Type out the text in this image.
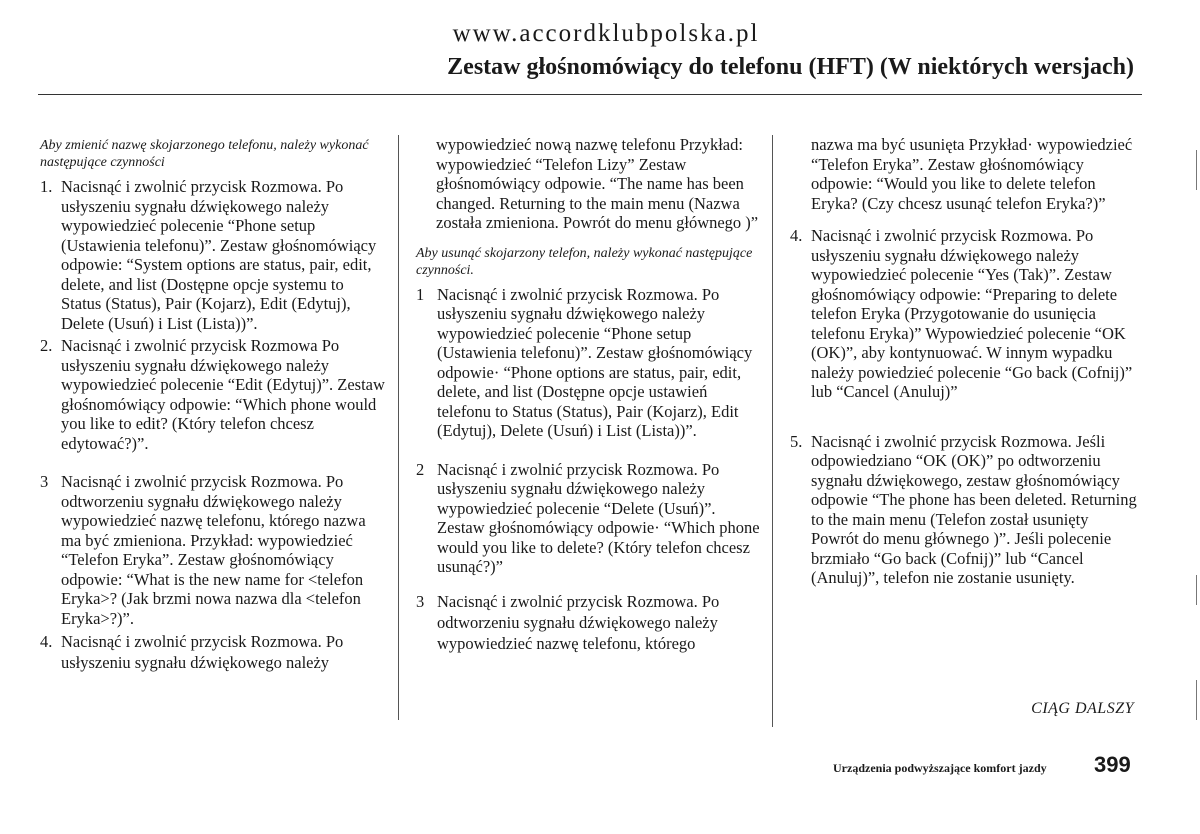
www.accordklubpolska.pl
Zestaw głośnomówiący do telefonu (HFT) (W niektórych wersjach)

Aby zmienić nazwę skojarzonego telefonu, należy wykonać następujące czynności

1. Nacisnąć i zwolnić przycisk Rozmowa. Po usłyszeniu sygnału dźwiękowego należy wypowiedzieć polecenie “Phone setup (Ustawienia telefonu)”. Zestaw głośnomówiący odpowie: “System options are status, pair, edit, delete, and list (Dostępne opcje systemu to Status (Status), Pair (Kojarz), Edit (Edytuj), Delete (Usuń) i List (Lista))”.

2. Nacisnąć i zwolnić przycisk Rozmowa Po usłyszeniu sygnału dźwiękowego należy wypowiedzieć polecenie “Edit (Edytuj)”. Zestaw głośnomówiący odpowie: “Which phone would you like to edit? (Który telefon chcesz edytować?)”.

3 Nacisnąć i zwolnić przycisk Rozmowa. Po odtworzeniu sygnału dźwiękowego należy wypowiedzieć nazwę telefonu, którego nazwa ma być zmieniona. Przykład: wypowiedzieć “Telefon Eryka”. Zestaw głośnomówiący odpowie: “What is the new name for <telefon Eryka>? (Jak brzmi nowa nazwa dla <telefon Eryka>?)”.

4. Nacisnąć i zwolnić przycisk Rozmowa. Po usłyszeniu sygnału dźwiękowego należy

wypowiedzieć nową nazwę telefonu Przykład: wypowiedzieć “Telefon Lizy” Zestaw głośnomówiący odpowie. “The name has been changed. Returning to the main menu (Nazwa została zmieniona. Powrót do menu głównego )”

Aby usunąć skojarzony telefon, należy wykonać następujące czynności.

1 Nacisnąć i zwolnić przycisk Rozmowa. Po usłyszeniu sygnału dźwiękowego należy wypowiedzieć polecenie “Phone setup (Ustawienia telefonu)”. Zestaw głośnomówiący odpowie· “Phone options are status, pair, edit, delete, and list (Dostępne opcje ustawień telefonu to Status (Status), Pair (Kojarz), Edit (Edytuj), Delete (Usuń) i List (Lista))”.

2 Nacisnąć i zwolnić przycisk Rozmowa. Po usłyszeniu sygnału dźwiękowego należy wypowiedzieć polecenie “Delete (Usuń)”. Zestaw głośnomówiący odpowie· “Which phone would you like to delete? (Który telefon chcesz usunąć?)”

3 Nacisnąć i zwolnić przycisk Rozmowa. Po odtworzeniu sygnału dźwiękowego należy wypowiedzieć nazwę telefonu, którego

nazwa ma być usunięta Przykład· wypowiedzieć “Telefon Eryka”. Zestaw głośnomówiący odpowie: “Would you like to delete telefon Eryka? (Czy chcesz usunąć telefon Eryka?)”

4. Nacisnąć i zwolnić przycisk Rozmowa. Po usłyszeniu sygnału dźwiękowego należy wypowiedzieć polecenie “Yes (Tak)”. Zestaw głośnomówiący odpowie: “Preparing to delete telefon Eryka (Przygotowanie do usunięcia telefonu Eryka)” Wypowiedzieć polecenie “OK (OK)”, aby kontynuować. W innym wypadku należy powiedzieć polecenie “Go back (Cofnij)” lub “Cancel (Anuluj)”

5. Nacisnąć i zwolnić przycisk Rozmowa. Jeśli odpowiedziano “OK (OK)” po odtworzeniu sygnału dźwiękowego, zestaw głośnomówiący odpowie “The phone has been deleted. Returning to the main menu (Telefon został usunięty Powrót do menu głównego )”. Jeśli polecenie brzmiało “Go back (Cofnij)” lub “Cancel (Anuluj)”, telefon nie zostanie usunięty.

CIĄG DALSZY
Urządzenia podwyższające komfort jazdy 399
